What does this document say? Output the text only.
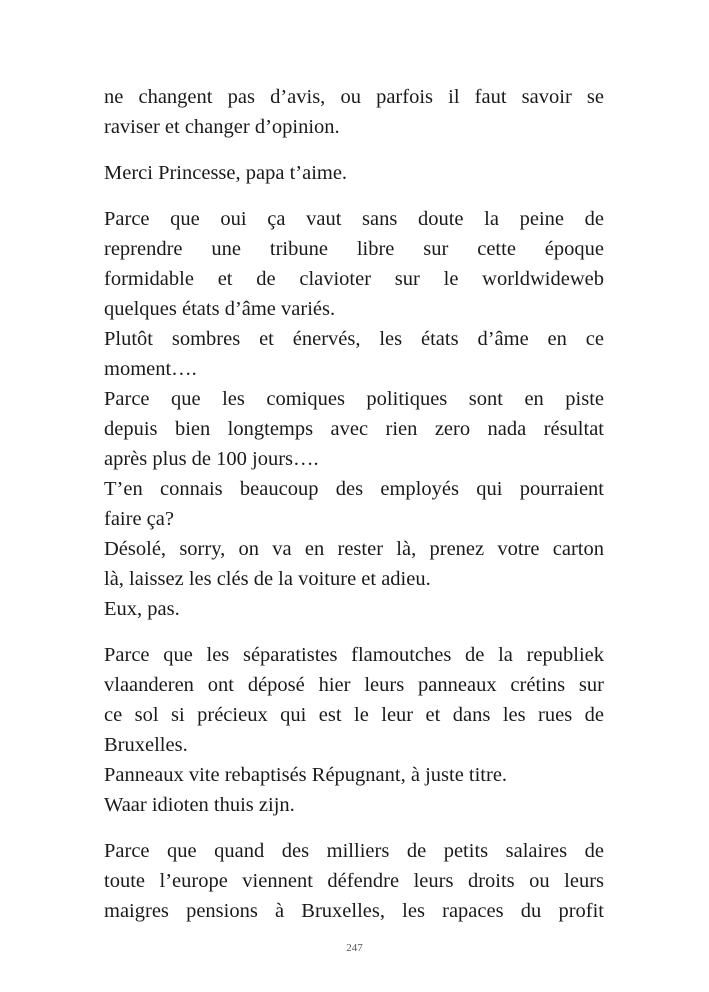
ne changent pas d’avis, ou parfois il faut savoir se
raviser et changer d’opinion.
Merci Princesse, papa t’aime.
Parce que oui ça vaut sans doute la peine de
reprendre une tribune libre sur cette époque
formidable et de clavioter sur le worldwideweb
quelques états d’âme variés.
Plutôt sombres et énervés, les états d’âme en ce
moment….
Parce que les comiques politiques sont en piste
depuis bien longtemps avec rien zero nada résultat
après plus de 100 jours….
T’en connais beaucoup des employés qui pourraient
faire ça?
Désolé, sorry, on va en rester là, prenez votre carton
là, laissez les clés de la voiture et adieu.
Eux, pas.
Parce que les séparatistes flamoutches de la republiek
vlaanderen ont déposé hier leurs panneaux crétins sur
ce sol si précieux qui est le leur et dans les rues de
Bruxelles.
Panneaux vite rebaptisés Répugnant, à juste titre.
Waar idioten thuis zijn.
Parce que quand des milliers de petits salaires de
toute l’europe viennent défendre leurs droits ou leurs
maigres pensions à Bruxelles, les rapaces du profit
247
